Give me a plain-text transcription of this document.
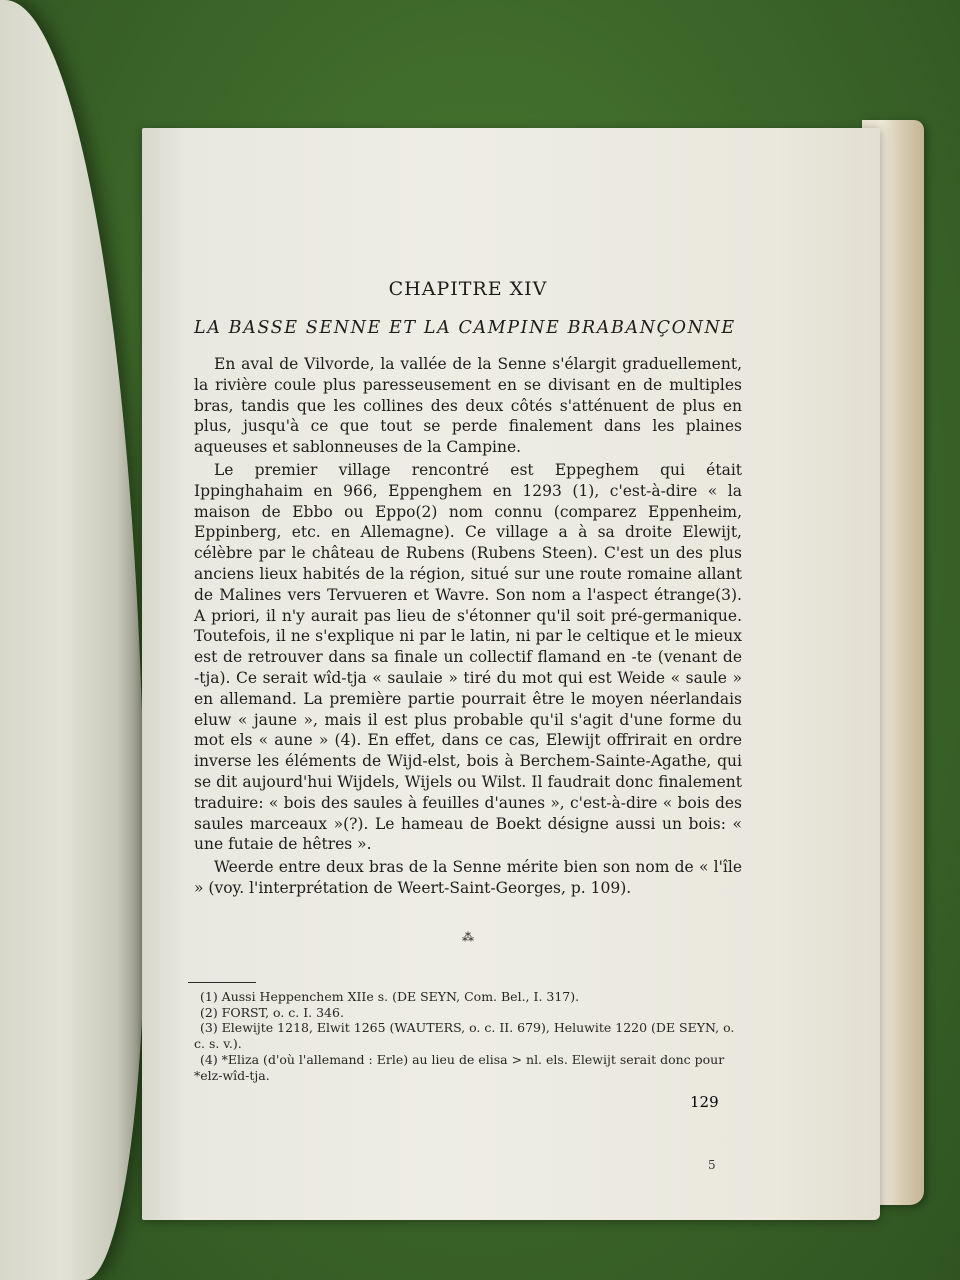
CHAPITRE XIV
LA BASSE SENNE ET LA CAMPINE BRABANÇONNE

En aval de Vilvorde, la vallée de la Senne s'élargit graduellement, la rivière coule plus paresseusement en se divisant en de multiples bras, tandis que les collines des deux côtés s'atténuent de plus en plus, jusqu'à ce que tout se perde finalement dans les plaines aqueuses et sablonneuses de la Campine.

Le premier village rencontré est Eppeghem qui était Ippinghahaim en 966, Eppenghem en 1293 (1), c'est-à-dire « la maison de Ebbo ou Eppo(2) nom connu (comparez Eppenheim, Eppinberg, etc. en Allemagne). Ce village a à sa droite Elewijt, célèbre par le château de Rubens (Rubens Steen). C'est un des plus anciens lieux habités de la région, situé sur une route romaine allant de Malines vers Tervueren et Wavre. Son nom a l'aspect étrange(3). A priori, il n'y aurait pas lieu de s'étonner qu'il soit pré-germanique. Toutefois, il ne s'explique ni par le latin, ni par le celtique et le mieux est de retrouver dans sa finale un collectif flamand en -te (venant de -tja). Ce serait wîd-tja « saulaie » tiré du mot qui est Weide « saule » en allemand. La première partie pourrait être le moyen néerlandais eluw « jaune », mais il est plus probable qu'il s'agit d'une forme du mot els « aune » (4). En effet, dans ce cas, Elewijt offrirait en ordre inverse les éléments de Wijd-elst, bois à Berchem-Sainte-Agathe, qui se dit aujourd'hui Wijdels, Wijels ou Wilst. Il faudrait donc finalement traduire: « bois des saules à feuilles d'aunes », c'est-à-dire « bois des saules marceaux »(?). Le hameau de Boekt désigne aussi un bois: « une futaie de hêtres ».

Weerde entre deux bras de la Senne mérite bien son nom de « l'île » (voy. l'interprétation de Weert-Saint-Georges, p. 109).

⁂
(1) Aussi Heppenchem XIIe s. (DE SEYN, Com. Bel., I. 317).
(2) FORST, o. c. I. 346.
(3) Elewijte 1218, Elwit 1265 (WAUTERS, o. c. II. 679), Heluwite 1220 (DE SEYN, o. c. s. v.).
(4) *Eliza (d'où l'allemand : Erle) au lieu de elisa > nl. els. Elewijt serait donc pour *elz-wîd-tja.
129
5
